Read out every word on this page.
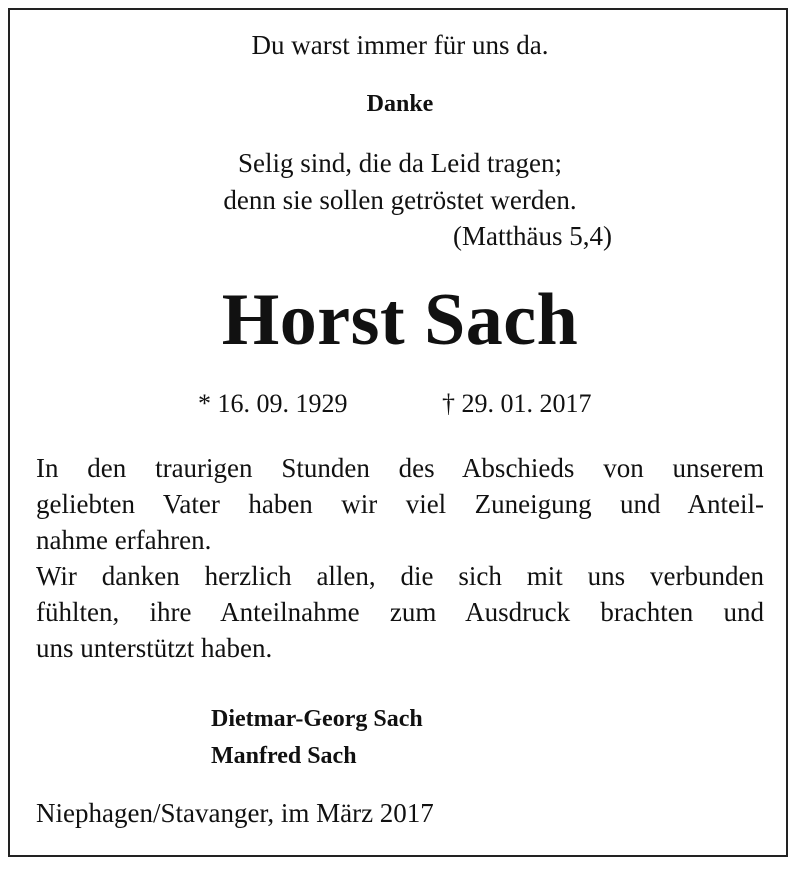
Du warst immer für uns da.
Danke
Selig sind, die da Leid tragen;
denn sie sollen getröstet werden.
(Matthäus 5,4)
Horst Sach
* 16. 09. 1929	† 29. 01. 2017
In den traurigen Stunden des Abschieds von unserem
geliebten Vater haben wir viel Zuneigung und Anteil-
nahme erfahren.
Wir danken herzlich allen, die sich mit uns verbunden
fühlten, ihre Anteilnahme zum Ausdruck brachten und
uns unterstützt haben.
Dietmar-Georg Sach
Manfred Sach
Niephagen/Stavanger, im März 2017
